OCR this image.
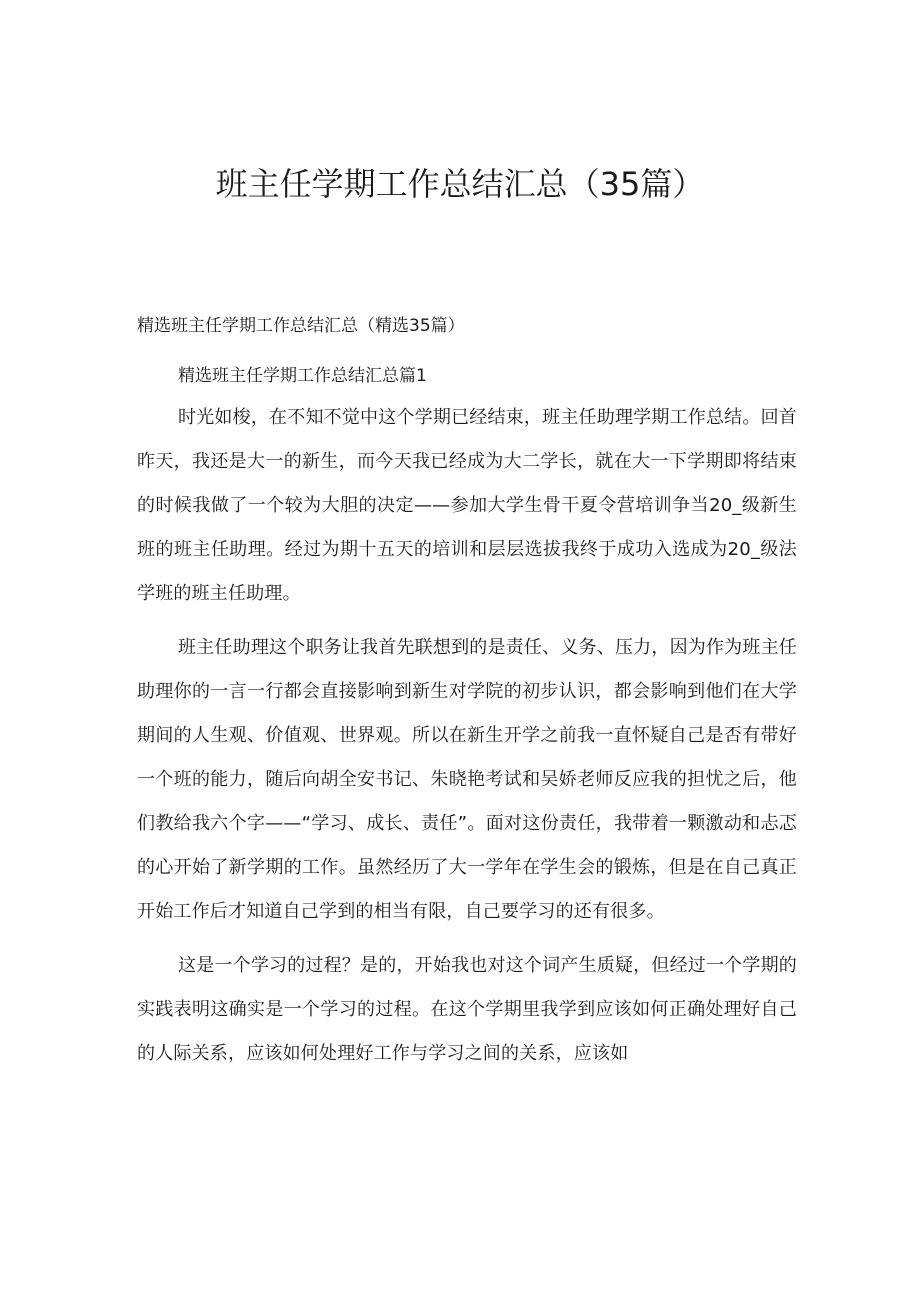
班主任学期工作总结汇总（35篇）
精选班主任学期工作总结汇总（精选35篇）
精选班主任学期工作总结汇总篇1

时光如梭，在不知不觉中这个学期已经结束，班主任助理学期工作总结。回首昨天，我还是大一的新生，而今天我已经成为大二学长，就在大一下学期即将结束的时候我做了一个较为大胆的决定——参加大学生骨干夏令营培训争当20_级新生班的班主任助理。经过为期十五天的培训和层层选拔我终于成功入选成为20_级法学班的班主任助理。

班主任助理这个职务让我首先联想到的是责任、义务、压力，因为作为班主任助理你的一言一行都会直接影响到新生对学院的初步认识，都会影响到他们在大学期间的人生观、价值观、世界观。所以在新生开学之前我一直怀疑自己是否有带好一个班的能力，随后向胡全安书记、朱晓艳考试和吴娇老师反应我的担忧之后，他们教给我六个字——“学习、成长、责任”。面对这份责任，我带着一颗激动和忐忑的心开始了新学期的工作。虽然经历了大一学年在学生会的锻炼，但是在自己真正开始工作后才知道自己学到的相当有限，自己要学习的还有很多。

这是一个学习的过程？是的，开始我也对这个词产生质疑，但经过一个学期的实践表明这确实是一个学习的过程。在这个学期里我学到应该如何正确处理好自己的人际关系，应该如何处理好工作与学习之间的关系，应该如
